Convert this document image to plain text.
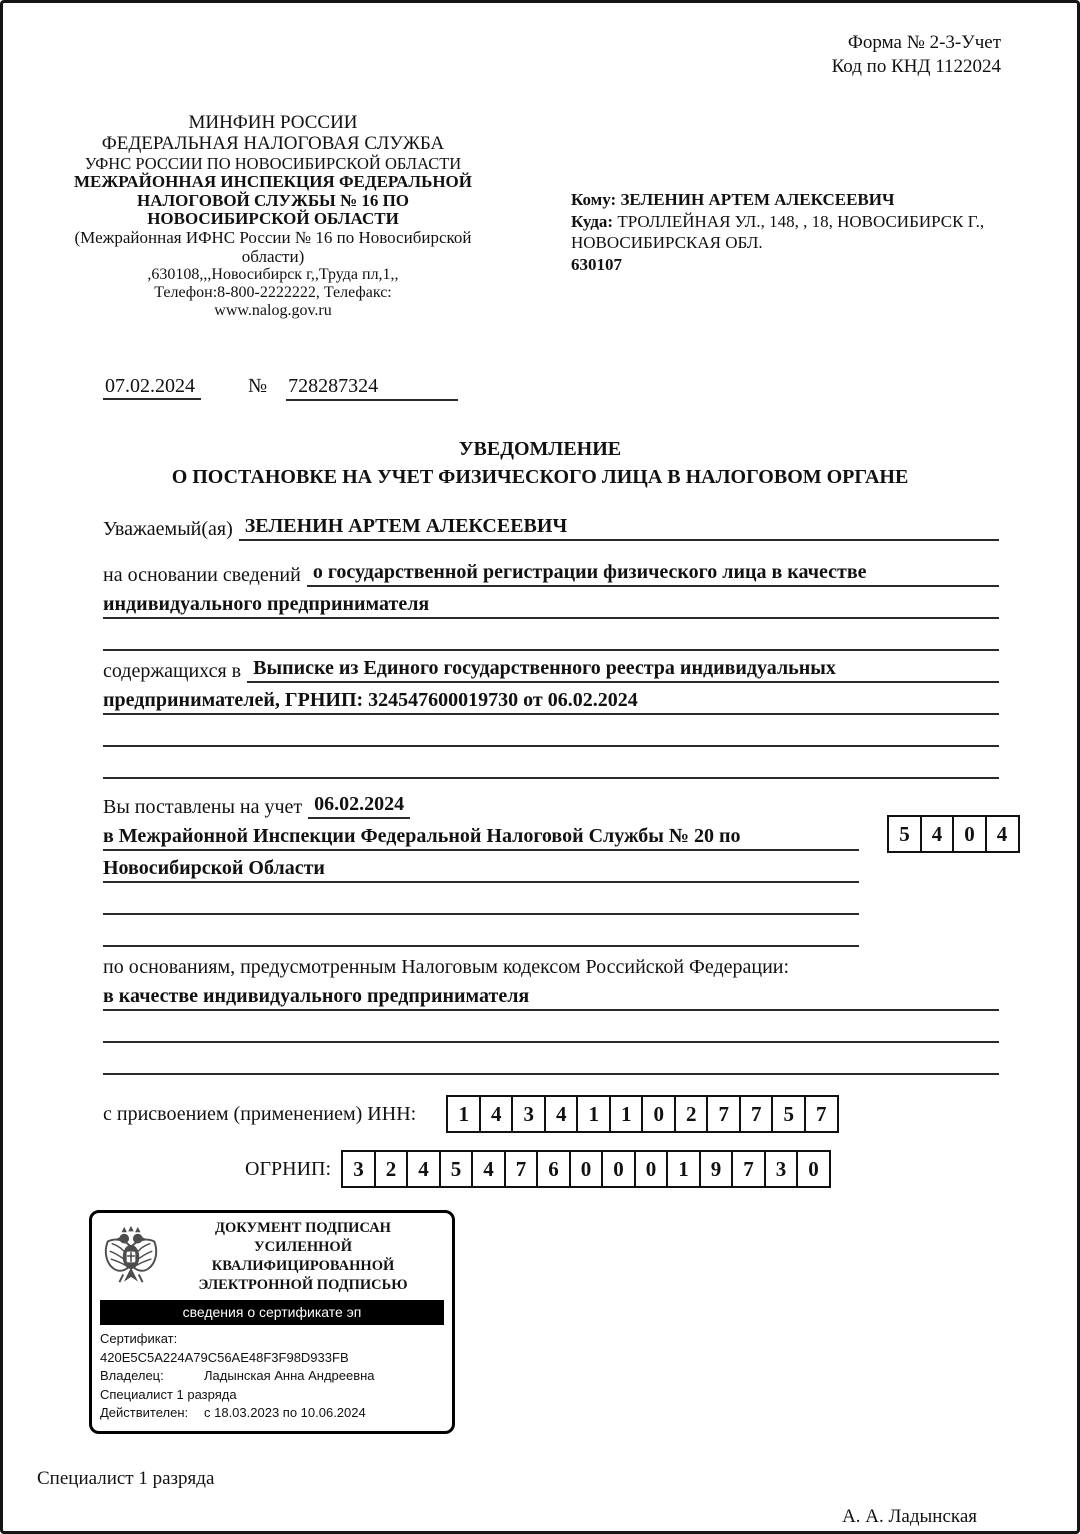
Форма № 2-3-Учет
Код по КНД 1122024
МИНФИН РОССИИ
ФЕДЕРАЛЬНАЯ НАЛОГОВАЯ СЛУЖБА
УФНС РОССИИ ПО НОВОСИБИРСКОЙ ОБЛАСТИ
МЕЖРАЙОННАЯ ИНСПЕКЦИЯ ФЕДЕРАЛЬНОЙ НАЛОГОВОЙ СЛУЖБЫ № 16 ПО НОВОСИБИРСКОЙ ОБЛАСТИ
(Межрайонная ИФНС России № 16 по Новосибирской области)
,630108,,,Новосибирск г,,Труда пл,1,,
Телефон:8-800-2222222, Телефакс:
www.nalog.gov.ru
Кому: ЗЕЛЕНИН АРТЕМ АЛЕКСЕЕВИЧ
Куда: ТРОЛЛЕЙНАЯ УЛ., 148, , 18, НОВОСИБИРСК Г., НОВОСИБИРСКАЯ ОБЛ.
630107
07.02.2024	№ 728287324
УВЕДОМЛЕНИЕ
О ПОСТАНОВКЕ НА УЧЕТ ФИЗИЧЕСКОГО ЛИЦА В НАЛОГОВОМ ОРГАНЕ
Уважаемый(ая) ЗЕЛЕНИН АРТЕМ АЛЕКСЕЕВИЧ
на основании сведений о государственной регистрации физического лица в качестве
индивидуального предпринимателя
содержащихся в Выписке из Единого государственного реестра индивидуальных
предпринимателей, ГРНИП: 324547600019730 от 06.02.2024
Вы поставлены на учет 06.02.2024
в Межрайонной Инспекции Федеральной Налоговой Службы № 20 по
Новосибирской Области
5	4	0	4
по основаниям, предусмотренным Налоговым кодексом Российской Федерации:
в качестве индивидуального предпринимателя
с присвоением (применением) ИНН:	1	4	3	4	1	1	0	2	7	7	5	7
ОГРНИП:	3	2	4	5	4	7	6	0	0	0	1	9	7	3	0
ДОКУМЕНТ ПОДПИСАН
УСИЛЕННОЙ КВАЛИФИЦИРОВАННОЙ
ЭЛЕКТРОННОЙ ПОДПИСЬЮ
сведения о сертификате эп
Сертификат:420E5C5A224A79C56AE48F3F98D933FB
Владелец:	Ладынская Анна Андреевна
Специалист 1 разряда
Действителен: с 18.03.2023 по 10.06.2024
Специалист 1 разряда
А. А. Ладынская
